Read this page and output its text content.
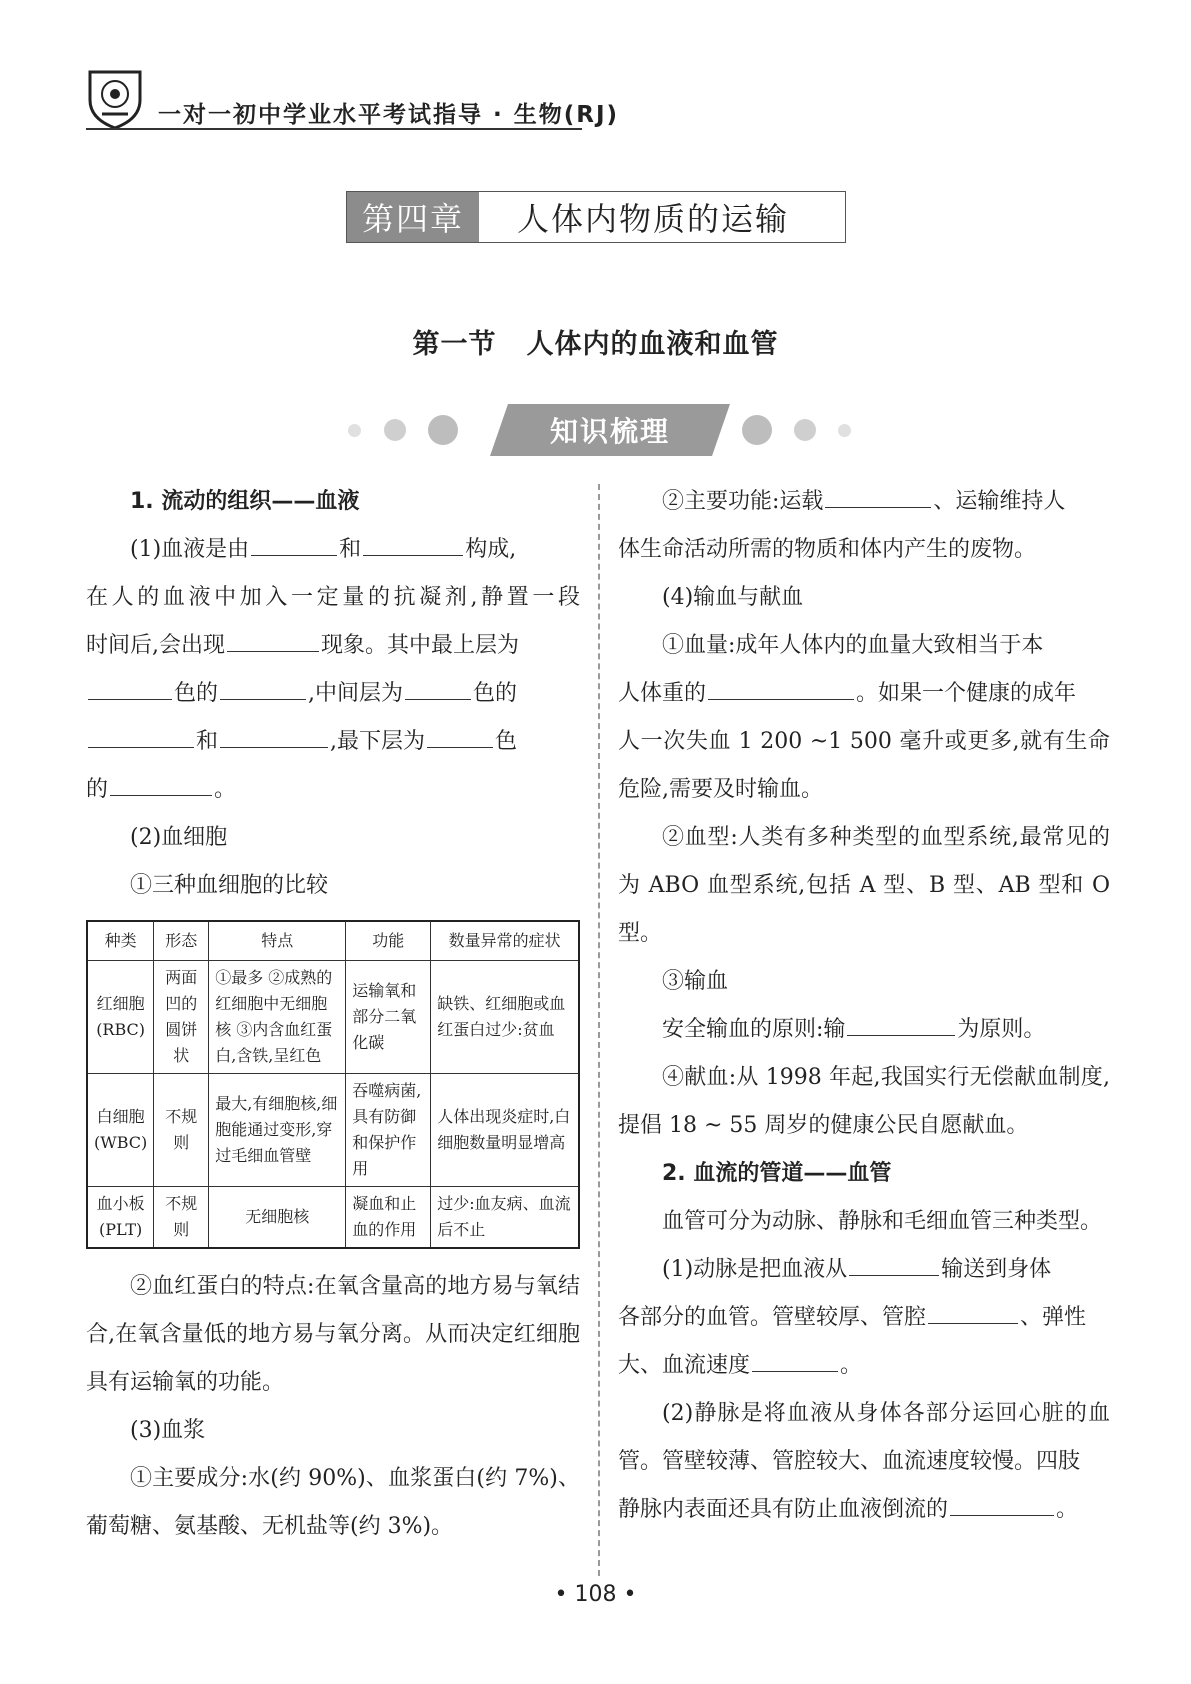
一对一初中学业水平考试指导 · 生物(RJ)
第四章	人体内物质的运输
第一节 人体内的血液和血管
知识梳理

1. 流动的组织——血液

(1)血液是由	和	构成,

在人的血液中加入一定量的抗凝剂,静置一段

时间后,会出现	现象。其中最上层为

色的	,中间层为	色的

和	,最下层为	色

的	。

(2)血细胞

①三种血细胞的比较

种类	形态	特点	功能	数量异常的症状
红细胞(RBC)	两面凹的圆饼状	①最多 ②成熟的红细胞中无细胞核 ③内含血红蛋白,含铁,呈红色	运输氧和部分二氧化碳	缺铁、红细胞或血红蛋白过少:贫血
白细胞(WBC)	不规则	最大,有细胞核,细胞能通过变形,穿过毛细血管壁	吞噬病菌,具有防御和保护作用	人体出现炎症时,白细胞数量明显增高
血小板(PLT)	不规则	无细胞核	凝血和止血的作用	过少:血友病、血流后不止

②血红蛋白的特点:在氧含量高的地方易与氧结合,在氧含量低的地方易与氧分离。从而决定红细胞具有运输氧的功能。

(3)血浆

①主要成分:水(约 90%)、血浆蛋白(约 7%)、葡萄糖、氨基酸、无机盐等(约 3%)。

②主要功能:运载	、运输维持人

体生命活动所需的物质和体内产生的废物。

(4)输血与献血

①血量:成年人体内的血量大致相当于本

人体重的	。如果一个健康的成年

人一次失血 1 200 ~1 500 毫升或更多,就有生命危险,需要及时输血。

②血型:人类有多种类型的血型系统,最常见的为 ABO 血型系统,包括 A 型、B 型、AB 型和 O 型。

③输血

安全输血的原则:输	为原则。

④献血:从 1998 年起,我国实行无偿献血制度,提倡 18 ~ 55 周岁的健康公民自愿献血。

2. 血流的管道——血管

血管可分为动脉、静脉和毛细血管三种类型。

(1)动脉是把血液从	输送到身体

各部分的血管。管壁较厚、管腔	、弹性

大、血流速度	。

(2)静脉是将血液从身体各部分运回心脏的血管。管壁较薄、管腔较大、血流速度较慢。四肢

静脉内表面还具有防止血液倒流的	。

• 108 •
